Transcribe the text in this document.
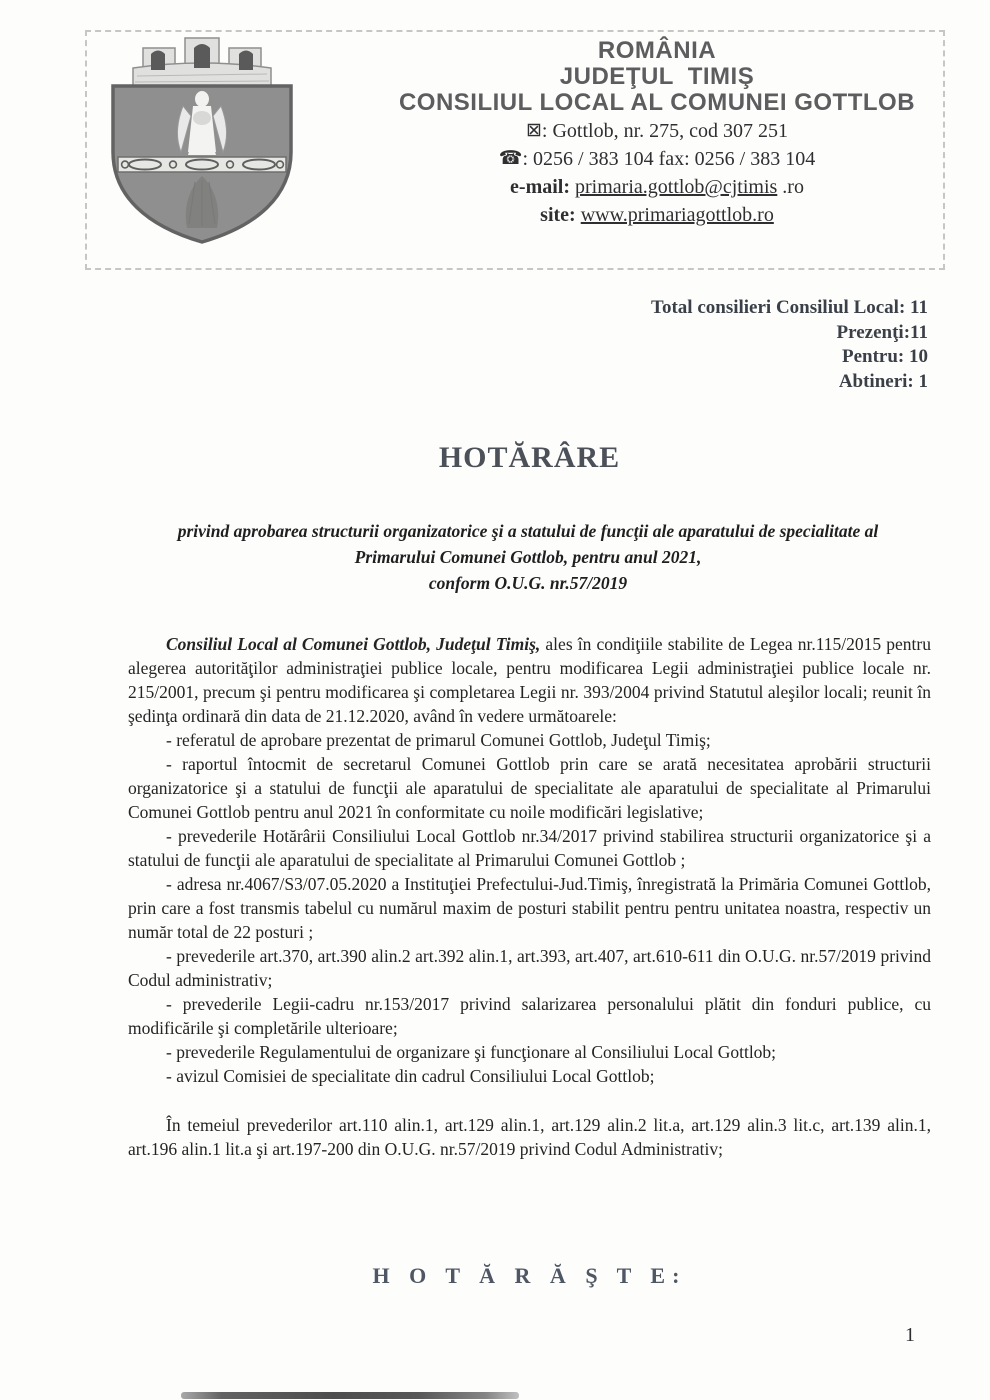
ROMÂNIA
JUDEŢUL TIMIŞ
CONSILIUL LOCAL AL COMUNEI GOTTLOB
⊠: Gottlob, nr. 275, cod 307 251
☎: 0256 / 383 104 fax: 0256 / 383 104
e-mail: primaria.gottlob@cjtimis .ro
site: www.primariagottlob.ro
Total consilieri Consiliul Local: 11
Prezenţi:11
Pentru: 10
Abtineri: 1
HOTĂRÂRE
privind aprobarea structurii organizatorice şi a statului de funcţii ale aparatului de specialitate al
Primarului Comunei Gottlob, pentru anul 2021,
conform O.U.G. nr.57/2019

Consiliul Local al Comunei Gottlob, Judeţul Timiş, ales în condiţiile stabilite de Legea nr.115/2015 pentru alegerea autorităţilor administraţiei publice locale, pentru modificarea Legii administraţiei publice locale nr. 215/2001, precum şi pentru modificarea şi completarea Legii nr. 393/2004 privind Statutul aleşilor locali; reunit în şedinţa ordinară din data de 21.12.2020, având în vedere următoarele:

- referatul de aprobare prezentat de primarul Comunei Gottlob, Judeţul Timiş;

- raportul întocmit de secretarul Comunei Gottlob prin care se arată necesitatea aprobării structurii organizatorice şi a statului de funcţii ale aparatului de specialitate ale aparatului de specialitate al Primarului Comunei Gottlob pentru anul 2021 în conformitate cu noile modificări legislative;

- prevederile Hotărârii Consiliului Local Gottlob nr.34/2017 privind stabilirea structurii organizatorice şi a statului de funcţii ale aparatului de specialitate al Primarului Comunei Gottlob ;

- adresa nr.4067/S3/07.05.2020 a Instituţiei Prefectului-Jud.Timiş, înregistrată la Primăria Comunei Gottlob, prin care a fost transmis tabelul cu numărul maxim de posturi stabilit pentru pentru unitatea noastra, respectiv un număr total de 22 posturi ;

- prevederile art.370, art.390 alin.2 art.392 alin.1, art.393, art.407, art.610-611 din O.U.G. nr.57/2019 privind Codul administrativ;

- prevederile Legii-cadru nr.153/2017 privind salarizarea personalului plătit din fonduri publice, cu modificările şi completările ulterioare;

- prevederile Regulamentului de organizare şi funcţionare al Consiliului Local Gottlob;

- avizul Comisiei de specialitate din cadrul Consiliului Local Gottlob;

În temeiul prevederilor art.110 alin.1, art.129 alin.1, art.129 alin.2 lit.a, art.129 alin.3 lit.c, art.139 alin.1, art.196 alin.1 lit.a şi art.197-200 din O.U.G. nr.57/2019 privind Codul Administrativ;

H O T Ă R Ă Ş T E:
1
